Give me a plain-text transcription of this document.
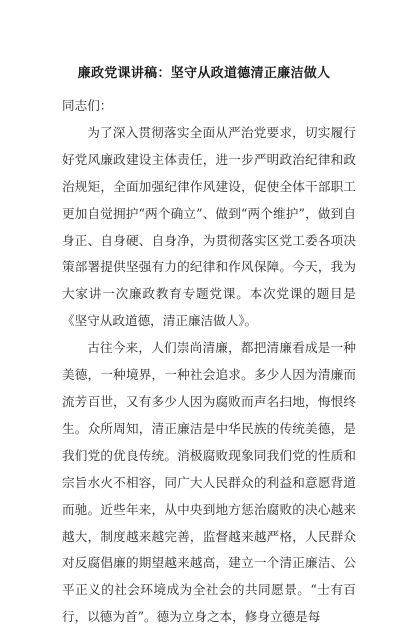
廉政党课讲稿：坚守从政道德清正廉洁做人

同志们：

为了深入贯彻落实全面从严治党要求，切实履行好党风廉政建设主体责任，进一步严明政治纪律和政治规矩，全面加强纪律作风建设，促使全体干部职工更加自觉拥护“两个确立”、做到“两个维护”，做到自身正、自身硬、自身净，为贯彻落实区党工委各项决策部署提供坚强有力的纪律和作风保障。今天，我为大家讲一次廉政教育专题党课。本次党课的题目是《坚守从政道德，清正廉洁做人》。

古往今来，人们崇尚清廉，都把清廉看成是一种美德，一种境界，一种社会追求。多少人因为清廉而流芳百世，又有多少人因为腐败而声名扫地，悔恨终生。众所周知，清正廉洁是中华民族的传统美德，是我们党的优良传统。消极腐败现象同我们党的性质和宗旨水火不相容，同广大人民群众的利益和意愿背道而驰。近些年来，从中央到地方惩治腐败的决心越来越大，制度越来越完善，监督越来越严格，人民群众对反腐倡廉的期望越来越高，建立一个清正廉洁、公平正义的社会环境成为全社会的共同愿景。“士有百行，以德为首”。德为立身之本，修身立德是每
